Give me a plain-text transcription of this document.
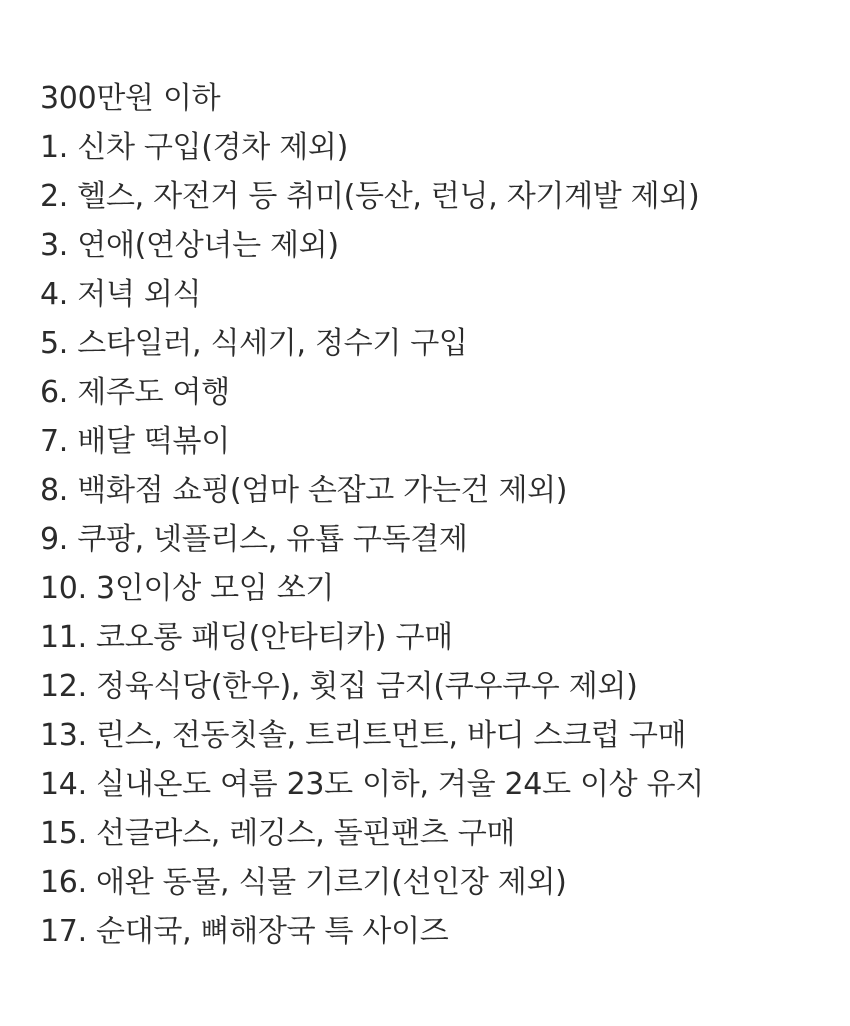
300만원 이하
1. 신차 구입(경차 제외)
2. 헬스, 자전거 등 취미(등산, 런닝, 자기계발 제외)
3. 연애(연상녀는 제외)
4. 저녁 외식
5. 스타일러, 식세기, 정수기 구입
6. 제주도 여행
7. 배달 떡볶이
8. 백화점 쇼핑(엄마 손잡고 가는건 제외)
9. 쿠팡, 넷플리스, 유툡 구독결제
10. 3인이상 모임 쏘기
11. 코오롱 패딩(안타티카) 구매
12. 정육식당(한우), 횟집 금지(쿠우쿠우 제외)
13. 린스, 전동칫솔, 트리트먼트, 바디 스크럽 구매
14. 실내온도 여름 23도 이하, 겨울 24도 이상 유지
15. 선글라스, 레깅스, 돌핀팬츠 구매
16. 애완 동물, 식물 기르기(선인장 제외)
17. 순대국, 뼈해장국 특 사이즈
